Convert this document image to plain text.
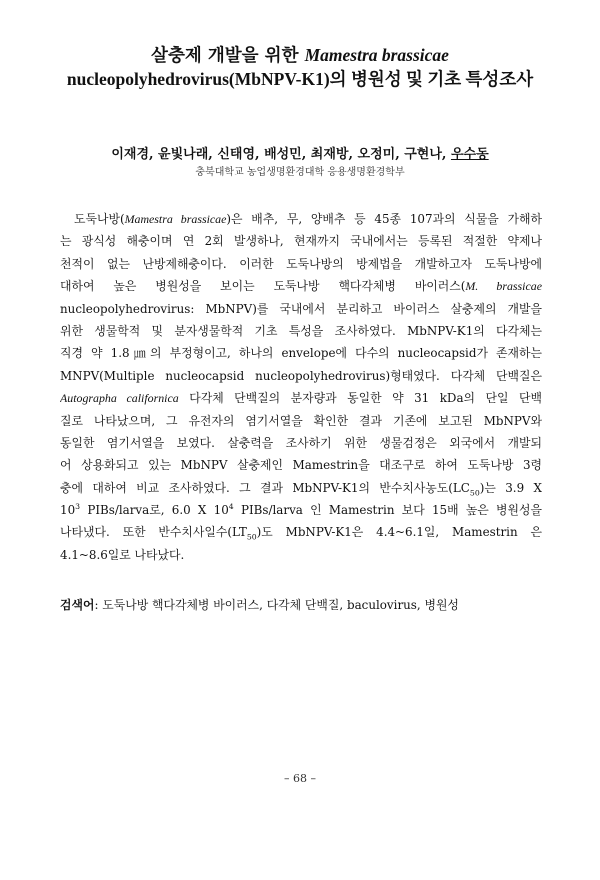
살충제 개발을 위한 Mamestra brassicae
nucleopolyhedrovirus(MbNPV-K1)의 병원성 및 기초 특성조사

이재경, 윤빛나래, 신태영, 배성민, 최재방, 오정미, 구현나, 우수동

충북대학교 농업생명환경대학 응용생명환경학부

도둑나방(Mamestra brassicae)은 배추, 무, 양배추 등 45종 107과의 식물을 가해하
는 광식성 해충이며 연 2회 발생하나, 현재까지 국내에서는 등록된 적절한 약제나
천적이 없는 난방제해충이다. 이러한 도둑나방의 방제법을 개발하고자 도둑나방에
대하여 높은 병원성을 보이는 도둑나방 핵다각체병 바이러스(M. brassicae
nucleopolyhedrovirus: MbNPV)를 국내에서 분리하고 바이러스 살충제의 개발을
위한 생물학적 및 분자생물학적 기초 특성을 조사하였다. MbNPV-K1의 다각체는
직경 약 1.8㎛의 부정형이고, 하나의 envelope에 다수의 nucleocapsid가 존재하는
MNPV(Multiple nucleocapsid nucleopolyhedrovirus)형태였다. 다각체 단백질은
Autographa californica 다각체 단백질의 분자량과 동일한 약 31 kDa의 단일 단백
질로 나타났으며, 그 유전자의 염기서열을 확인한 결과 기존에 보고된 MbNPV와
동일한 염기서열을 보였다. 살충력을 조사하기 위한 생물검정은 외국에서 개발되
어 상용화되고 있는 MbNPV 살충제인 Mamestrin을 대조구로 하여 도둑나방 3령
충에 대하여 비교 조사하였다. 그 결과 MbNPV-K1의 반수치사농도$(LC_{50})$는 3.9 X
$10^3$ PIBs/larva로, 6.0 X $10^4$ PIBs/larva 인 Mamestrin 보다 15배 높은 병원성을
나타냈다. 또한 반수치사일수$(LT_{50})$도 MbNPV-K1은 4.4~6.1일, Mamestrin 은
4.1~8.6일로 나타났다.

검색어: 도둑나방 핵다각체병 바이러스, 다각체 단백질, baculovirus, 병원성

– 68 –
